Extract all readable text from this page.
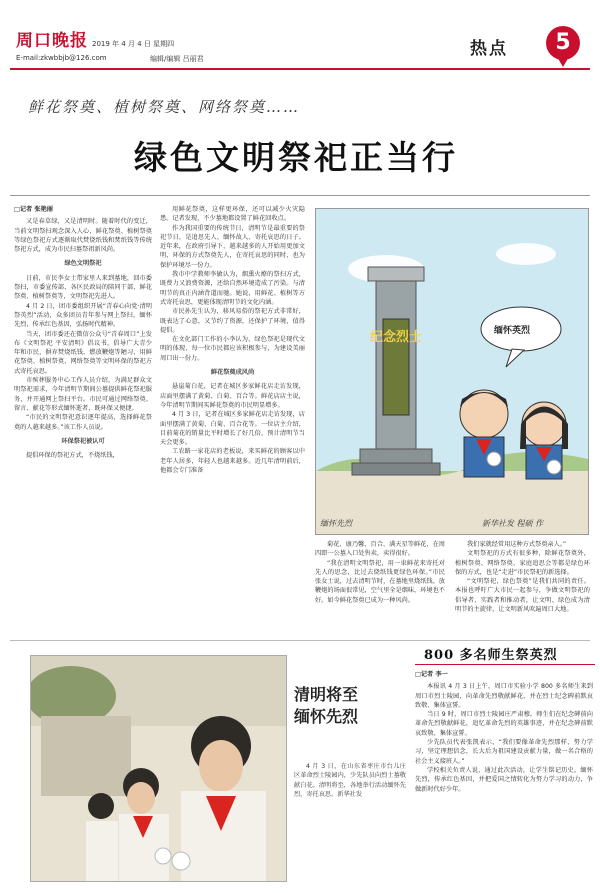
周口晚报 2019 年 4 月 4 日 星期四
E-mail:zkwbbjb@126.com	编辑/编辑 吕丽君	热点	5
鲜花祭奠、植树祭奠、网络祭奠……
绿色文明祭祀正当行

□记者 张艳丽

又是春草绿，又是清明时。随着时代的变迁，当前文明祭扫观念深入人心，鲜花祭奠、植树祭奠等绿色祭祀方式逐渐取代焚烧纸钱和焚纸钱等传统祭祀方式，成为市民扫墓祭祖新风尚。

绿色文明祭祀

日前，市民李女士带家里人来到墓地，回市委祭扫，市委宣传部、各区民政局的陪同干部，鲜花祭奠、植树祭奠等，文明祭祀先进人。

4 月 2 日，团市委组织开展“青春心向党·清明祭英烈”活动，众多团员青年参与网上祭扫，缅怀先烈，传承红色基因，弘扬时代精神。

当天，团市委还在微信公众号“青春周口”上发布《文明祭祀 平安清明》倡议书，倡导广大青少年和市民，摒弃焚烧纸钱、燃放鞭炮等陋习，用鲜花祭奠、植树祭奠、网络祭奠等文明环保的祭祀方式寄托哀思。

市殡葬服务中心工作人员介绍，为满足群众文明祭祀需求，今年清明节期间公墓提供鲜花祭祀服务，并开通网上祭扫平台。市民可通过网络祭奠、留言、献花等形式缅怀逝者，既环保又便捷。

“市民的文明祭祀意识逐年提高，选择鲜花祭奠的人越来越多。”该工作人员说。

环保祭祀被认可

提倡环保的祭祀方式，不烧纸钱，

用鲜花祭奠，这样更环保，还可以减少火灾隐患。记者发现，不少墓地都设置了鲜花回收点。

作为我国重要的传统节日，清明节是最重要的祭祀节日，是追思先人、缅怀故人、寄托哀思的日子。近年来，在政府引导下，越来越多的人开始用更加文明、环保的方式祭奠先人，在寄托哀思的同时，也为保护环境尽一份力。

我市中学教师李敏认为，烟熏火燎的祭扫方式，既费力又浪费资源，还给自然环境造成了污染。与清明节的真正内涵背道而驰。她说，用鲜花、植树等方式寄托哀思，更能体现清明节的文化内涵。

市民孙先生认为，移风易俗的祭祀方式非常好，既表达了心意，又节约了资源，还保护了环境，值得提倡。

在文化部门工作的小李认为，绿色祭祀是现代文明的体现，每一位市民都应该积极参与，为建设美丽周口出一份力。

鲜花祭奠成风尚

悬崖菊白花，记者在城区多家鲜花店走访发现，店面里摆满了黄菊、白菊、百合等。鲜花店店主说，今年清明节期间买鲜花祭奠的市民明显增多。

4 月 3 日，记者在城区多家鲜花店走访发现，店面里摆满了黄菊、白菊、百合花等。一位店主介绍，目前菊花的销量比平时增长了好几倍，预计清明节当天会更多。

工农路一家花店的老板说，来买鲜花的顾客以中老年人居多，年轻人也越来越多。近几年清明前后，他都会专门准备

纪念烈士	缅怀英烈
缅怀先烈	新华社发 程硕 作

菊花、康乃馨、百合、满天星等鲜花，在周四即一公墓入口处售卖，卖得很好。

“我在清明文明祭祀，用一束鲜花来寄托对先人的思念，比过去烧纸钱更绿色环保。”市民张女士说，过去清明节时，在墓地里烧纸钱、放鞭炮的场面很常见，空气里全是烟味，环境也不好。如今鲜花祭奠已成为一种风尚。

我们家就经常用这种方式祭奠亲人。”

文明祭祀的方式有很多种，除鲜花祭奠外，植树祭奠、网络祭奠、家庭追思会等都是绿色环保的方式，也是“走进”市民祭祀的新选择。

“文明祭祀，绿色祭奠”是我们共同的责任。本报也呼吁广大市民一起参与，争做文明祭祀的倡导者、实践者和推动者，让文明、绿色成为清明节的主旋律，让文明新风吹遍周口大地。

清明将至
缅怀先烈
4 月 3 日，在山东省枣庄市台儿庄区革命烈士陵园内，少先队员向烈士墓敬献白花。清明将至，各地举行活动缅怀先烈，寄托哀思。新华社发
800 多名师生祭英烈

□记者 李一

本报讯 4 月 3 日上午，周口市实验小学 800 多名师生来到周口市烈士陵园，向革命先烈敬献鲜花，并在烈士纪念碑前默哀致敬、集体宣誓。

当日 9 时，周口市烈士陵园庄严肃穆。师生们在纪念碑前向革命先烈敬献鲜花，追忆革命先烈的英雄事迹，并在纪念碑前默哀致敬、集体宣誓。

少先队员代表张凯表示，“我们要像革命先烈那样，努力学习，坚定理想信念，长大后为祖国建设贡献力量，做一名合格的社会主义接班人。”

学校相关负责人说，通过此次活动，让学生铭记历史，缅怀先烈，传承红色基因，并把爱国之情转化为努力学习的动力，争做新时代好少年。
